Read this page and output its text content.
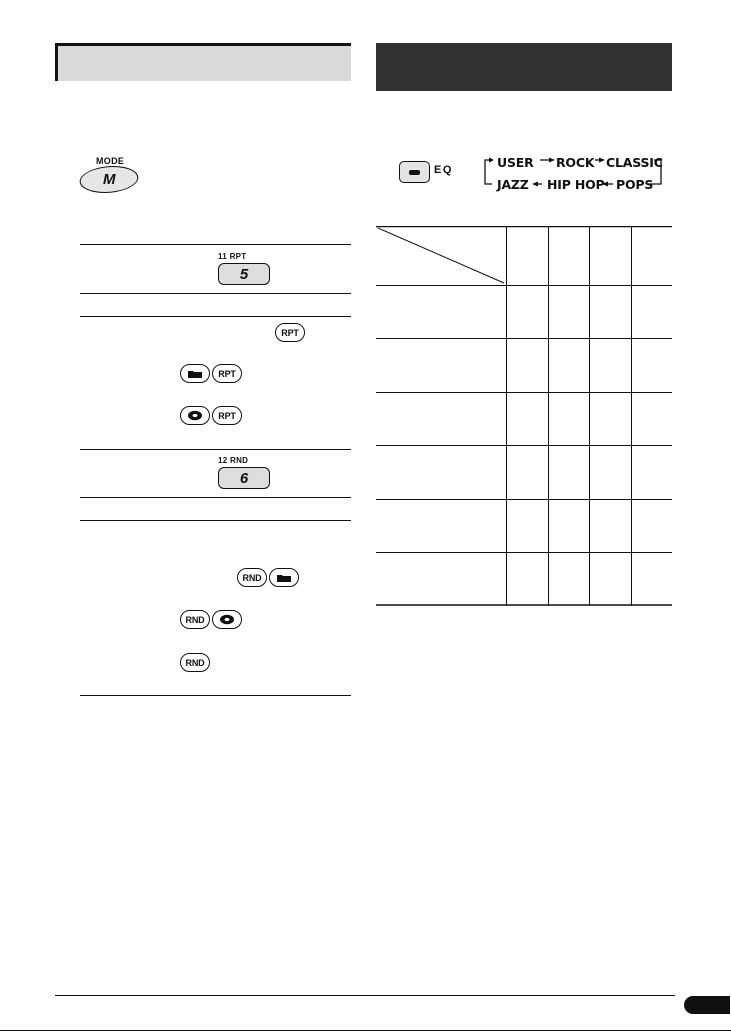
MODE
M
11 RPT
5
RPT
RPT
RPT
12 RND
6
RND
RND
RND
EQ	USER ROCK CLASSIC
JAZZ HIP HOP POPS
